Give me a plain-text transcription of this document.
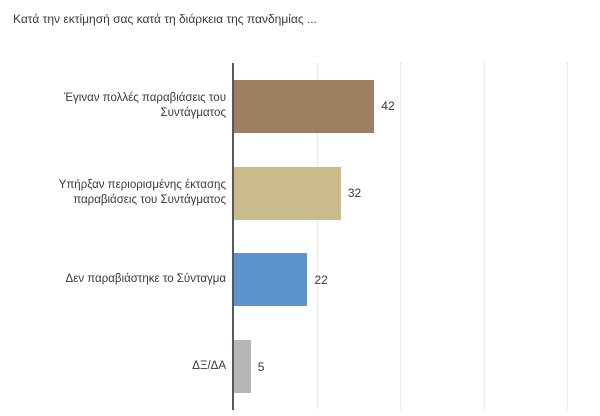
Κατά την εκτίμησή σας κατά τη διάρκεια της πανδημίας ...
Έγιναν πολλές παραβιάσεις του Συντάγματος
Υπήρξαν περιορισμένης έκτασης παραβιάσεις του Συντάγματος
Δεν παραβιάστηκε το Σύνταγμα
ΔΞ/ΔΑ
42
32
22
5
